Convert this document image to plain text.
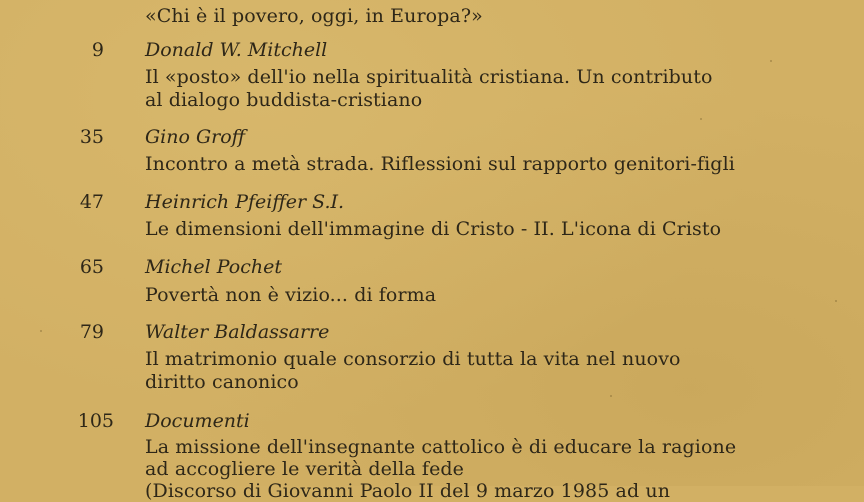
«Chi è il povero, oggi, in Europa?»
9 Donald W. Mitchell
Il «posto» dell'io nella spiritualità cristiana. Un contributo
al dialogo buddista-cristiano
35 Gino Groff
Incontro a metà strada. Riflessioni sul rapporto genitori-figli
47 Heinrich Pfeiffer S.I.
Le dimensioni dell'immagine di Cristo - II. L'icona di Cristo
65 Michel Pochet
Povertà non è vizio... di forma
79 Walter Baldassarre
Il matrimonio quale consorzio di tutta la vita nel nuovo
diritto canonico
105 Documenti
La missione dell'insegnante cattolico è di educare la ragione
ad accogliere le verità della fede
(Discorso di Giovanni Paolo II del 9 marzo 1985 ad un
